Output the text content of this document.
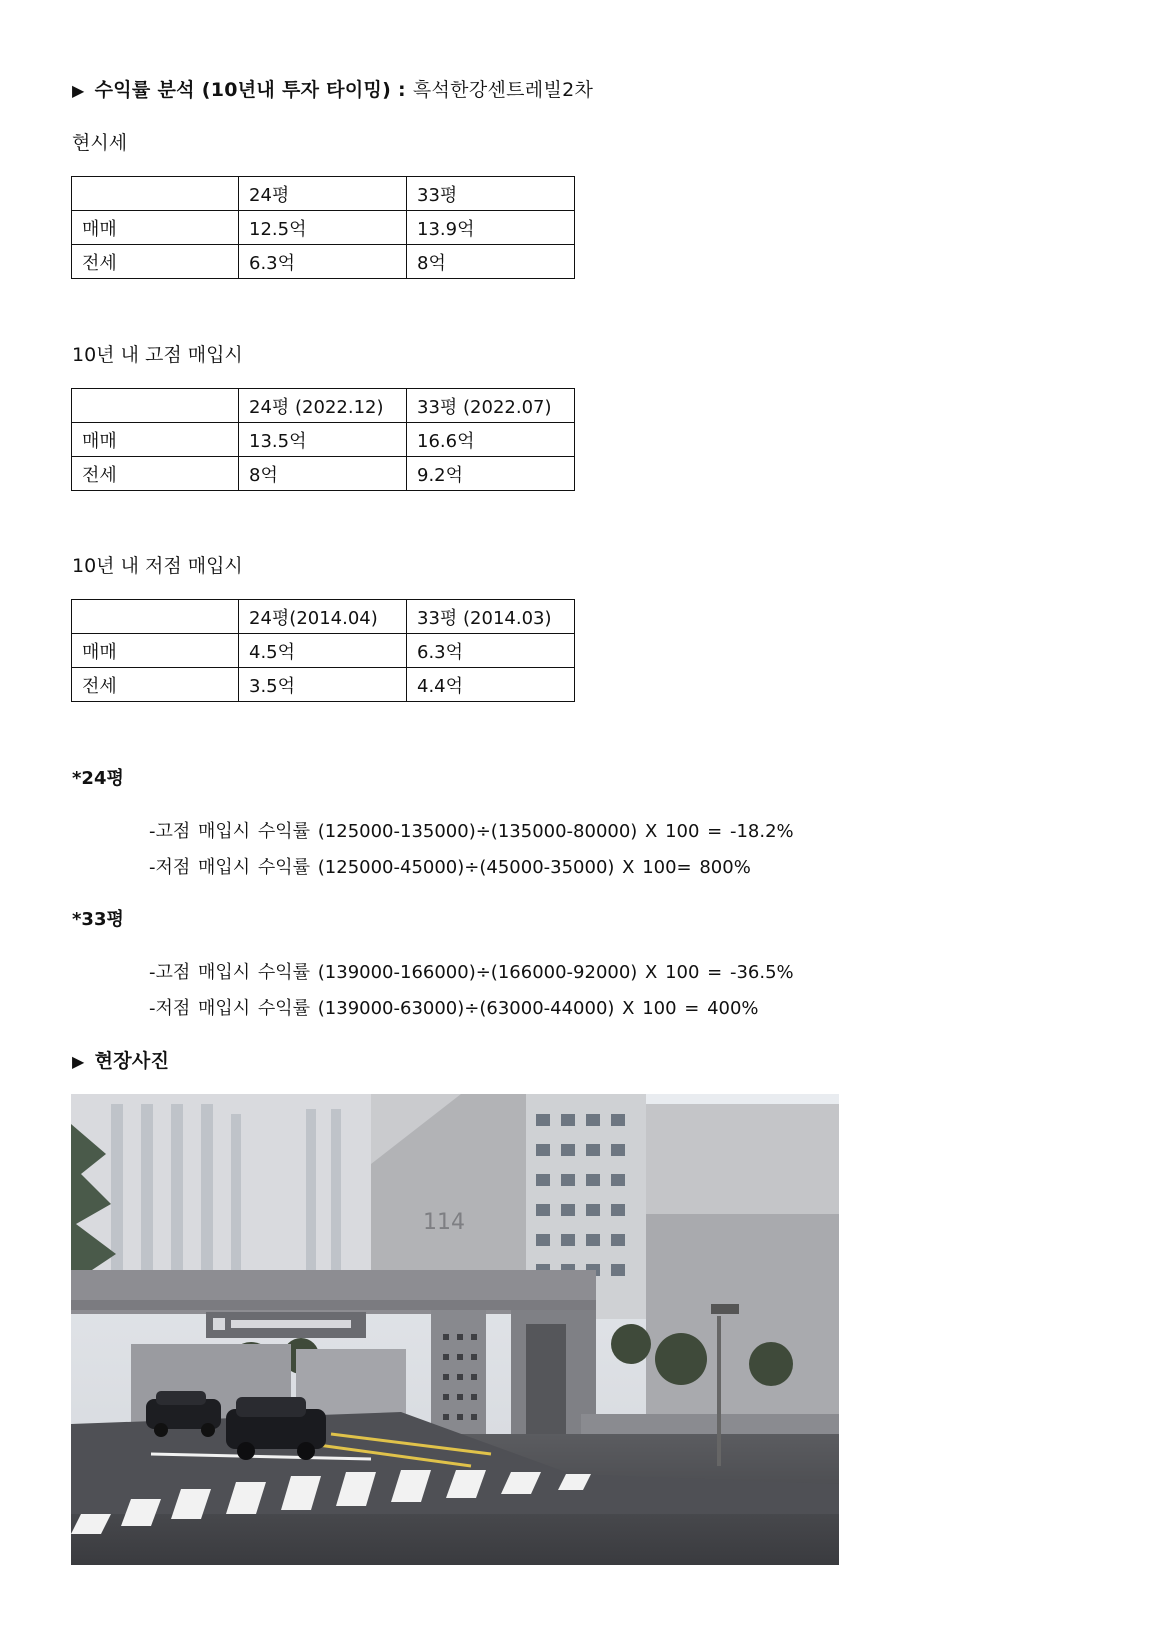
▶ 수익률 분석 (10년내 투자 타이밍) : 흑석한강센트레빌2차
현시세
	24평	33평
매매	12.5억	13.9억
전세	6.3억	8억
10년 내 고점 매입시
	24평 (2022.12)	33평 (2022.07)
매매	13.5억	16.6억
전세	8억	9.2억
10년 내 저점 매입시
	24평(2014.04)	33평 (2014.03)
매매	4.5억	6.3억
전세	3.5억	4.4억
*24평
-고점 매입시 수익률 (125000-135000)÷(135000-80000) X 100 = -18.2%
-저점 매입시 수익률 (125000-45000)÷(45000-35000) X 100= 800%
*33평
-고점 매입시 수익률 (139000-166000)÷(166000-92000) X 100 = -36.5%
-저점 매입시 수익률 (139000-63000)÷(63000-44000) X 100 = 400%
▶ 현장사진
114
